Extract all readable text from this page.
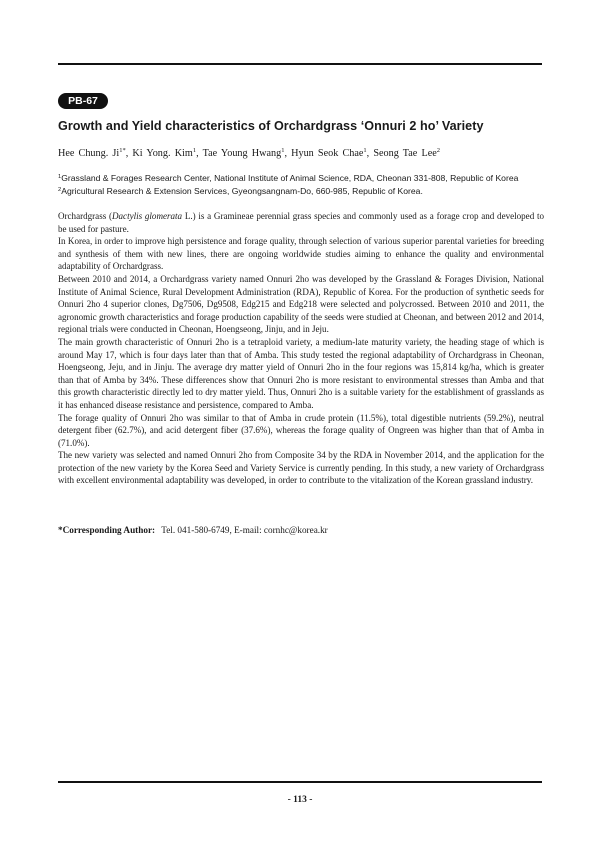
PB-67
Growth and Yield characteristics of Orchardgrass ‘Onnuri 2 ho’ Variety
Hee Chung. $Ji^{1*}$, Ki Yong. Kim$^1$, Tae Young Hwang$^1$, Hyun Seok Chae$^1$, Seong Tae Lee$^2$
$^1$Grassland & Forages Research Center, National Institute of Animal Science, RDA, Cheonan 331-808, Republic of Korea
$^2$Agricultural Research & Extension Services, Gyeongsangnam-Do, 660-985, Republic of Korea.

Orchardgrass (Dactylis glomerata L.) is a Gramineae perennial grass species and commonly used as a forage crop and developed to be used for pasture.

In Korea, in order to improve high persistence and forage quality, through selection of various superior parental varieties for breeding and synthesis of them with new lines, there are ongoing worldwide studies aiming to enhance the quality and environmental adaptability of Orchardgrass.

Between 2010 and 2014, a Orchardgrass variety named Onnuri 2ho was developed by the Grassland & Forages Division, National Institute of Animal Science, Rural Development Administration (RDA), Republic of Korea. For the production of synthetic seeds for Onnuri 2ho 4 superior clones, Dg7506, Dg9508, Edg215 and Edg218 were selected and polycrossed. Between 2010 and 2011, the agronomic growth characteristics and forage production capability of the seeds were studied at Cheonan, and between 2012 and 2014, regional trials were conducted in Cheonan, Hoengseong, Jinju, and in Jeju.

The main growth characteristic of Onnuri 2ho is a tetraploid variety, a medium-late maturity variety, the heading stage of which is around May 17, which is four days later than that of Amba. This study tested the regional adaptability of Orchardgrass in Cheonan, Hoengseong, Jeju, and in Jinju. The average dry matter yield of Onnuri 2ho in the four regions was 15,814 kg/ha, which is greater than that of Amba by 34%. These differences show that Onnuri 2ho is more resistant to environmental stresses than Amba and that this growth characteristic directly led to dry matter yield. Thus, Onnuri 2ho is a suitable variety for the establishment of grasslands as it has enhanced disease resistance and persistence, compared to Amba.

The forage quality of Onnuri 2ho was similar to that of Amba in crude protein (11.5%), total digestible nutrients (59.2%), neutral detergent fiber (62.7%), and acid detergent fiber (37.6%), whereas the forage quality of Ongreen was higher than that of Amba in (71.0%).

The new variety was selected and named Onnuri 2ho from Composite 34 by the RDA in November 2014, and the application for the protection of the new variety by the Korea Seed and Variety Service is currently pending. In this study, a new variety of Orchardgrass with excellent environmental adaptability was developed, in order to contribute to the vitalization of the Korean grassland industry.

*Corresponding Author: Tel. 041-580-6749, E-mail: cornhc@korea.kr
- 113 -
